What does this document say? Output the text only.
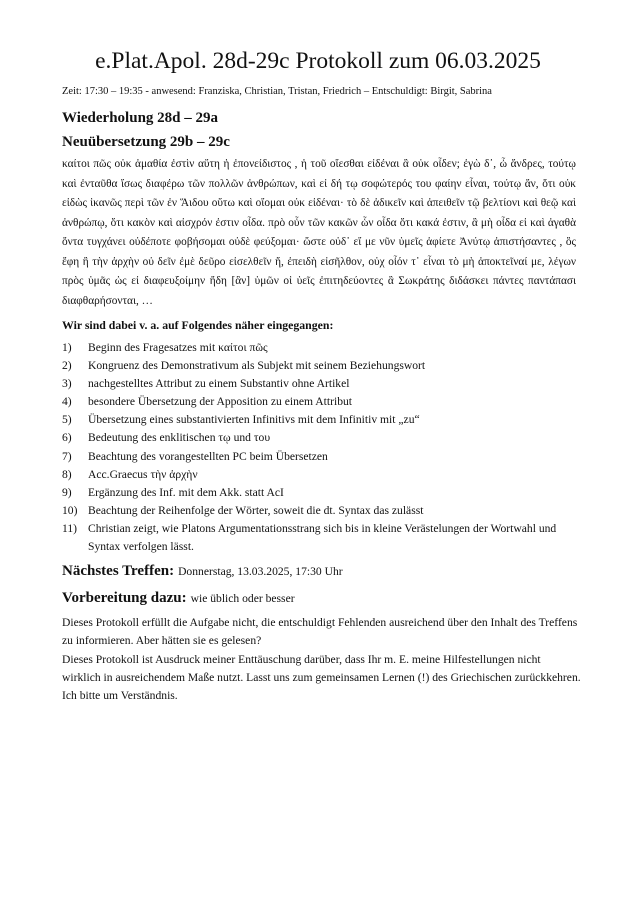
e.Plat.Apol. 28d-29c Protokoll zum 06.03.2025
Zeit: 17:30 – 19:35 - anwesend: Franziska, Christian, Tristan, Friedrich – Entschuldigt: Birgit, Sabrina
Wiederholung 28d – 29a
Neuübersetzung 29b – 29c

καίτοι πῶς οὐκ ἀμαθία ἐστὶν αὕτη ἡ ἐπονείδιστος , ἡ τοῦ οἴεσθαι εἰδέναι ἃ οὐκ οἶδεν; ἐγὼ δ᾽, ὦ ἄνδρες, τούτῳ καὶ ἐνταῦθα ἴσως διαφέρω τῶν πολλῶν ἀνθρώπων, καὶ εἰ δή τῳ σοφώτερός του φαίην εἶναι, τούτῳ ἄν, ὅτι οὐκ εἰδὼς ἱκανῶς περὶ τῶν ἐν Ἅιδου οὕτω καὶ οἴομαι οὐκ εἰδέναι· τὸ δὲ ἀδικεῖν καὶ ἀπειθεῖν τῷ βελτίονι καὶ θεῷ καὶ ἀνθρώπῳ, ὅτι κακὸν καὶ αἰσχρόν ἐστιν οἶδα. πρὸ οὖν τῶν κακῶν ὧν οἶδα ὅτι κακά ἐστιν, ἃ μὴ οἶδα εἰ καὶ ἀγαθὰ ὄντα τυγχάνει οὐδέποτε φοβήσομαι οὐδὲ φεύξομαι· ὥστε οὐδ᾽ εἴ με νῦν ὑμεῖς ἀφίετε Ἀνύτῳ ἀπιστήσαντες , ὃς ἔφη ἢ τὴν ἀρχὴν οὐ δεῖν ἐμὲ δεῦρο εἰσελθεῖν ἤ, ἐπειδὴ εἰσῆλθον, οὐχ οἷόν τ᾽ εἶναι τὸ μὴ ἀποκτεῖναί με, λέγων πρὸς ὑμᾶς ὡς εἰ διαφευξοίμην ἤδη [ἂν] ὑμῶν οἱ ὑεῖς ἐπιτηδεύοντες ἃ Σωκράτης διδάσκει πάντες παντάπασι διαφθαρήσονται, …

Wir sind dabei v. a. auf Folgendes näher eingegangen:
1) Beginn des Fragesatzes mit καίτοι πῶς
2) Kongruenz des Demonstrativum als Subjekt mit seinem Beziehungswort
3) nachgestelltes Attribut zu einem Substantiv ohne Artikel
4) besondere Übersetzung der Apposition zu einem Attribut
5) Übersetzung eines substantivierten Infinitivs mit dem Infinitiv mit „zu“
6) Bedeutung des enklitischen τῳ und του
7) Beachtung des vorangestellten PC beim Übersetzen
8) Acc.Graecus τὴν ἀρχὴν
9) Ergänzung des Inf. mit dem Akk. statt AcI
10) Beachtung der Reihenfolge der Wörter, soweit die dt. Syntax das zulässt
11) Christian zeigt, wie Platons Argumentationsstrang sich bis in kleine Verästelungen der Wortwahl und Syntax verfolgen lässt.
Nächstes Treffen: Donnerstag, 13.03.2025, 17:30 Uhr
Vorbereitung dazu: wie üblich oder besser

Dieses Protokoll erfüllt die Aufgabe nicht, die entschuldigt Fehlenden ausreichend über den Inhalt des Treffens zu informieren. Aber hätten sie es gelesen?

Dieses Protokoll ist Ausdruck meiner Enttäuschung darüber, dass Ihr m. E. meine Hilfestellungen nicht wirklich in ausreichendem Maße nutzt. Lasst uns zum gemeinsamen Lernen (!) des Griechischen zurückkehren.

Ich bitte um Verständnis.
